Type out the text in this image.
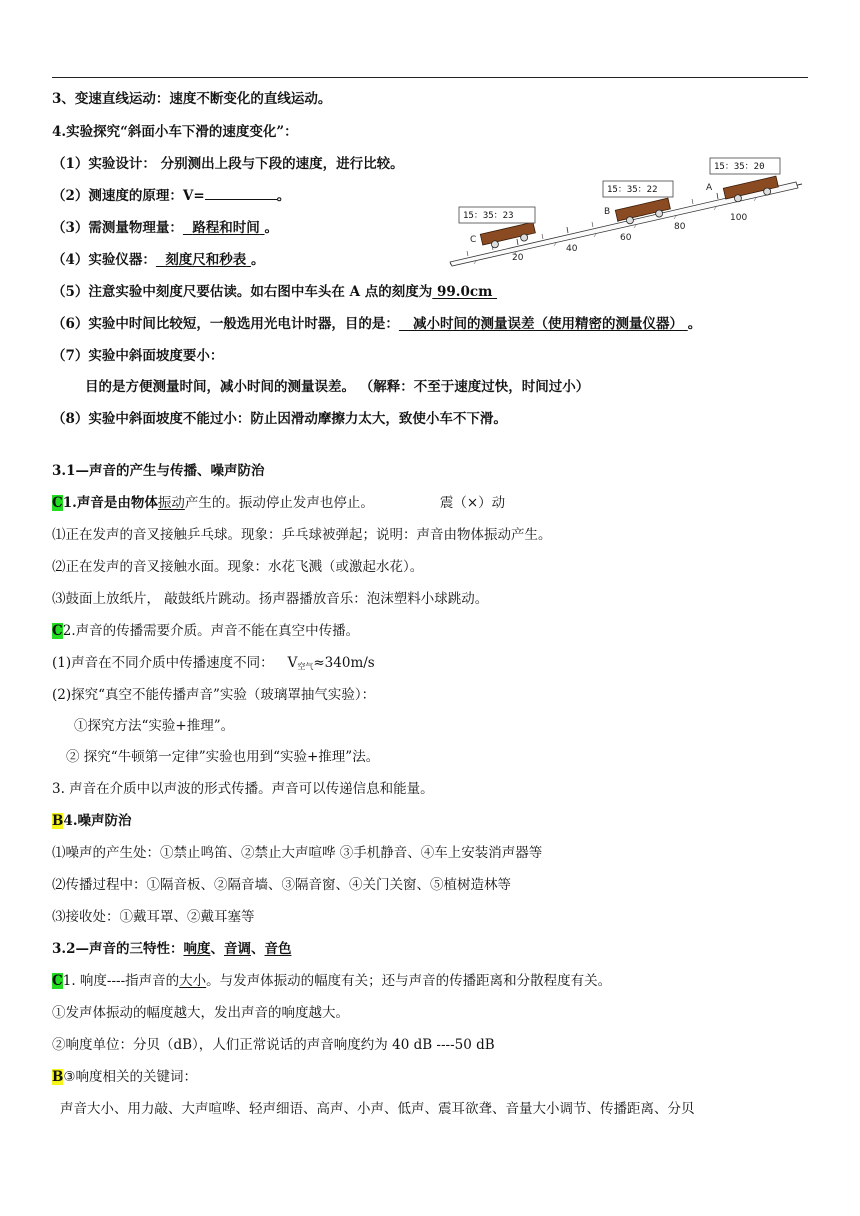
3、变速直线运动：速度不断变化的直线运动。
4.实验探究“斜面小车下滑的速度变化”：
（1）实验设计： 分别测出上段与下段的速度，进行比较。
（2）测速度的原理：V=	。
（3）需测量物理量： 路程和时间 。
（4）实验仪器： 刻度尺和秒表 。
（5）注意实验中刻度尺要估读。如右图中车头在 A 点的刻度为 99.0cm
（6）实验中时间比较短，一般选用光电计时器，目的是： 减小时间的测量误差（使用精密的测量仪器） 。
（7）实验中斜面坡度要小：
目的是方便测量时间，减小时间的测量误差。 （解释：不至于速度过快，时间过小）
（8）实验中斜面坡度不能过小：防止因滑动摩擦力太大，致使小车不下滑。
20
40
60
80
100
C
B
A
15：35：23
15：35：22
15：35：20
3.1—声音的产生与传播、噪声防治
C1.声音是由物体振动产生的。振动停止发声也停止。	震（×）动
⑴正在发声的音叉接触乒乓球。现象：乒乓球被弹起；说明：声音由物体振动产生。
⑵正在发声的音叉接触水面。现象：水花飞溅（或激起水花）。
⑶鼓面上放纸片， 敲鼓纸片跳动。扬声器播放音乐：泡沫塑料小球跳动。
C2.声音的传播需要介质。声音不能在真空中传播。
(1)声音在不同介质中传播速度不同： $V_{空气}\approx 340m/s$
(2)探究“真空不能传播声音”实验（玻璃罩抽气实验）：
①探究方法“实验+推理”。
② 探究“牛顿第一定律”实验也用到“实验+推理”法。
3. 声音在介质中以声波的形式传播。声音可以传递信息和能量。
B4.噪声防治
⑴噪声的产生处：①禁止鸣笛、②禁止大声喧哗 ③手机静音、④车上安装消声器等
⑵传播过程中：①隔音板、②隔音墙、③隔音窗、④关门关窗、⑤植树造林等
⑶接收处：①戴耳罩、②戴耳塞等
3.2—声音的三特性：响度、音调、音色
C1. 响度----指声音的大小。与发声体振动的幅度有关；还与声音的传播距离和分散程度有关。
①发声体振动的幅度越大，发出声音的响度越大。
②响度单位：分贝（dB），人们正常说话的声音响度约为 40 dB ----50 dB
B③响度相关的关键词：
声音大小、用力敲、大声喧哗、轻声细语、高声、小声、低声、震耳欲聋、音量大小调节、传播距离、分贝
